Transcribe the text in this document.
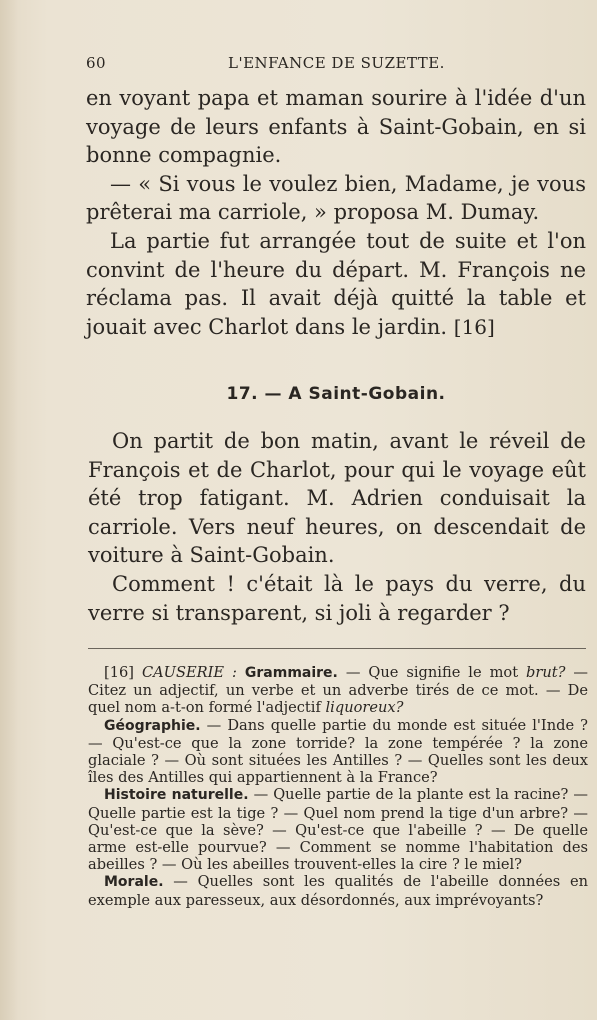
60	L'ENFANCE DE SUZETTE.

en voyant papa et maman sourire à l'idée d'un voyage de leurs enfants à Saint-Gobain, en si bonne compagnie.

— « Si vous le voulez bien, Madame, je vous prêterai ma carriole, » proposa M. Dumay.

La partie fut arrangée tout de suite et l'on convint de l'heure du départ. M. François ne réclama pas. Il avait déjà quitté la table et jouait avec Charlot dans le jardin. [16]

17. — A Saint-Gobain.

On partit de bon matin, avant le réveil de François et de Charlot, pour qui le voyage eût été trop fatigant. M. Adrien conduisait la carriole. Vers neuf heures, on descendait de voiture à Saint-Gobain.

Comment ! c'était là le pays du verre, du verre si transparent, si joli à regarder ?

[16] CAUSERIE : Grammaire. — Que signifie le mot brut? — Citez un adjectif, un verbe et un adverbe tirés de ce mot. — De quel nom a-t-on formé l'adjectif liquoreux?

Géographie. — Dans quelle partie du monde est située l'Inde ? — Qu'est-ce que la zone torride? la zone tempérée ? la zone glaciale ? — Où sont situées les Antilles ? — Quelles sont les deux îles des Antilles qui appartiennent à la France?

Histoire naturelle. — Quelle partie de la plante est la racine? — Quelle partie est la tige ? — Quel nom prend la tige d'un arbre? — Qu'est-ce que la sève? — Qu'est-ce que l'abeille ? — De quelle arme est-elle pourvue? — Comment se nomme l'habitation des abeilles ? — Où les abeilles trouvent-elles la cire ? le miel?

Morale. — Quelles sont les qualités de l'abeille données en exemple aux paresseux, aux désordonnés, aux imprévoyants?
